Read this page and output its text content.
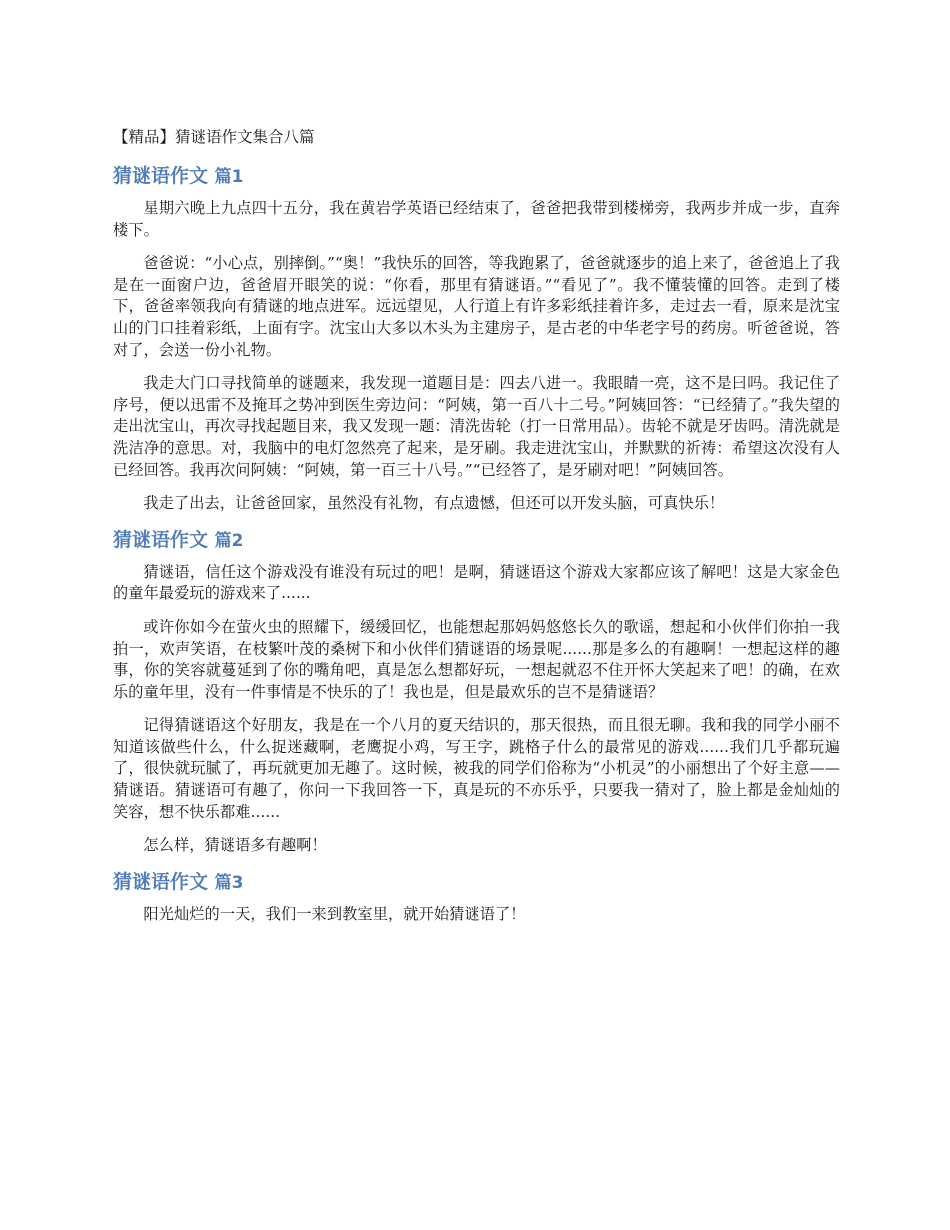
【精品】猜谜语作文集合八篇
猜谜语作文 篇1

星期六晚上九点四十五分，我在黄岩学英语已经结束了，爸爸把我带到楼梯旁，我两步并成一步，直奔楼下。

爸爸说：“小心点，别摔倒。”“奥！”我快乐的回答，等我跑累了，爸爸就逐步的追上来了，爸爸追上了我是在一面窗户边，爸爸眉开眼笑的说：“你看，那里有猜谜语。”“看见了”。我不懂装懂的回答。走到了楼下，爸爸率领我向有猜谜的地点进军。远远望见，人行道上有许多彩纸挂着许多，走过去一看，原来是沈宝山的门口挂着彩纸，上面有字。沈宝山大多以木头为主建房子，是古老的中华老字号的药房。听爸爸说，答对了，会送一份小礼物。

我走大门口寻找简单的谜题来，我发现一道题目是：四去八进一。我眼睛一亮，这不是曰吗。我记住了序号，便以迅雷不及掩耳之势冲到医生旁边问：“阿姨，第一百八十二号。”阿姨回答：“已经猜了。”我失望的走出沈宝山，再次寻找起题目来，我又发现一题：清洗齿轮（打一日常用品）。齿轮不就是牙齿吗。清洗就是洗洁净的意思。对，我脑中的电灯忽然亮了起来，是牙刷。我走进沈宝山，并默默的祈祷：希望这次没有人已经回答。我再次问阿姨：“阿姨，第一百三十八号。”“已经答了，是牙刷对吧！”阿姨回答。

我走了出去，让爸爸回家，虽然没有礼物，有点遗憾，但还可以开发头脑，可真快乐！

猜谜语作文 篇2

猜谜语，信任这个游戏没有谁没有玩过的吧！是啊，猜谜语这个游戏大家都应该了解吧！这是大家金色的童年最爱玩的游戏来了......

或许你如今在萤火虫的照耀下，缓缓回忆，也能想起那妈妈悠悠长久的歌谣，想起和小伙伴们你拍一我拍一，欢声笑语，在枝繁叶茂的桑树下和小伙伴们猜谜语的场景呢......那是多么的有趣啊！一想起这样的趣事，你的笑容就蔓延到了你的嘴角吧，真是怎么想都好玩，一想起就忍不住开怀大笑起来了吧！的确，在欢乐的童年里，没有一件事情是不快乐的了！我也是，但是最欢乐的岂不是猜谜语？

记得猜谜语这个好朋友，我是在一个八月的夏天结识的，那天很热，而且很无聊。我和我的同学小丽不知道该做些什么，什么捉迷藏啊，老鹰捉小鸡，写王字，跳格子什么的最常见的游戏......我们几乎都玩遍了，很快就玩腻了，再玩就更加无趣了。这时候，被我的同学们俗称为“小机灵”的小丽想出了个好主意——猜谜语。猜谜语可有趣了，你问一下我回答一下，真是玩的不亦乐乎，只要我一猜对了，脸上都是金灿灿的笑容，想不快乐都难......

怎么样，猜谜语多有趣啊！

猜谜语作文 篇3

阳光灿烂的一天，我们一来到教室里，就开始猜谜语了！
